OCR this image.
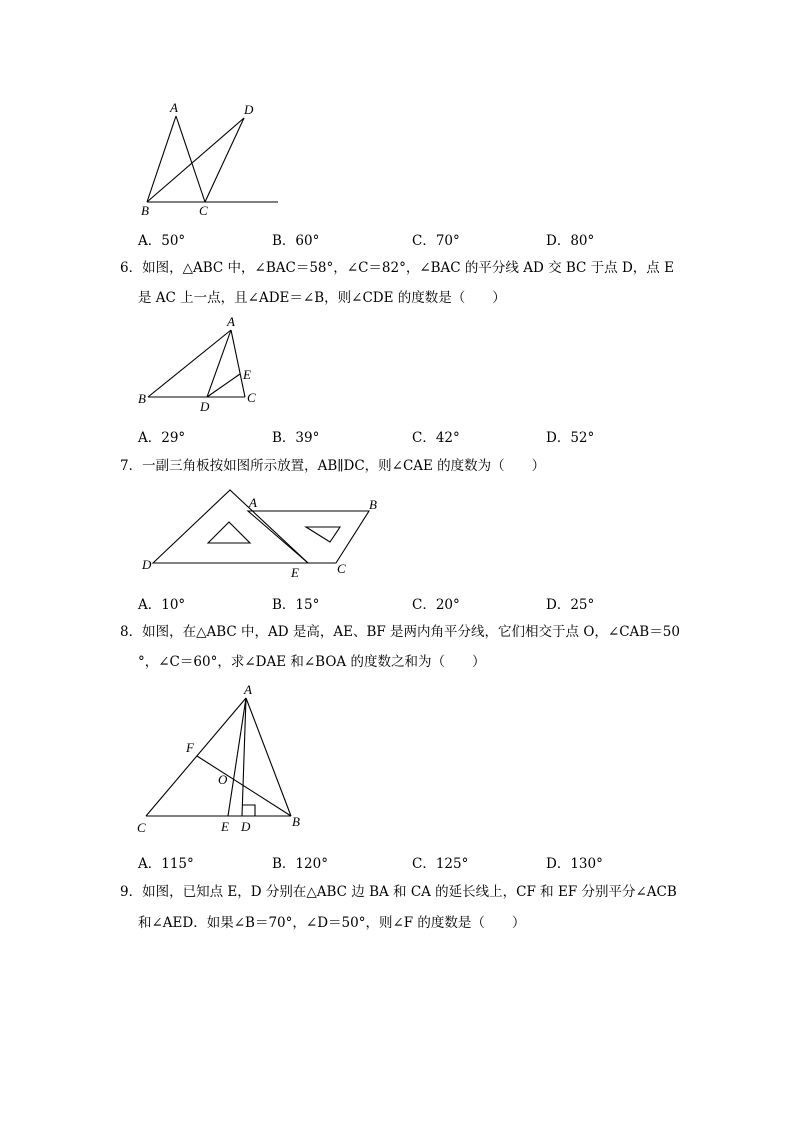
A	D
B	C
A．50°	B．60°	C．70°	D．80°
6．如图，△ABC 中，∠BAC＝58°，∠C＝82°，∠BAC 的平分线 AD 交 BC 于点 D，点 E
是 AC 上一点，且∠ADE＝∠B，则∠CDE 的度数是（　　）
A
E
B
D
C
A．29°	B．39°	C．42°	D．52°
7．一副三角板按如图所示放置，AB∥DC，则∠CAE 的度数为（　　）
A	B
D
E	C
A．10°	B．15°	C．20°	D．25°
8．如图，在△ABC 中，AD 是高，AE、BF 是两内角平分线，它们相交于点 O，∠CAB＝50
°，∠C＝60°，求∠DAE 和∠BOA 的度数之和为（　　）
A
F
O
C	E D	B
A．115°	B．120°	C．125°	D．130°
9．如图，已知点 E，D 分别在△ABC 边 BA 和 CA 的延长线上，CF 和 EF 分别平分∠ACB
和∠AED．如果∠B＝70°，∠D＝50°，则∠F 的度数是（　　）
